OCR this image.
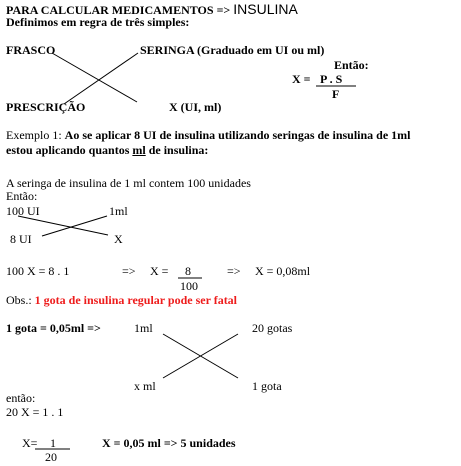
PARA CALCULAR MEDICAMENTOS => INSULINA
Definimos em regra de três simples:
FRASCO	SERINGA (Graduado em UI ou ml)
Então:
X = P . S
F
PRESCRIÇÃO	X (UI, ml)
Exemplo 1: Ao se aplicar 8 UI de insulina utilizando seringas de insulina de 1ml
estou aplicando quantos ml de insulina:
A seringa de insulina de 1 ml contem 100 unidades
Então:
100 UI	1ml
8 UI	X
100 X = 8 . 1	=> X = 8
100
=> X = 0,08ml
Obs.: 1 gota de insulina regular pode ser fatal
1 gota = 0,05ml =>	1ml	20 gotas
x ml	1 gota
então:
20 X = 1 . 1
X= 1
20
X = 0,05 ml => 5 unidades
